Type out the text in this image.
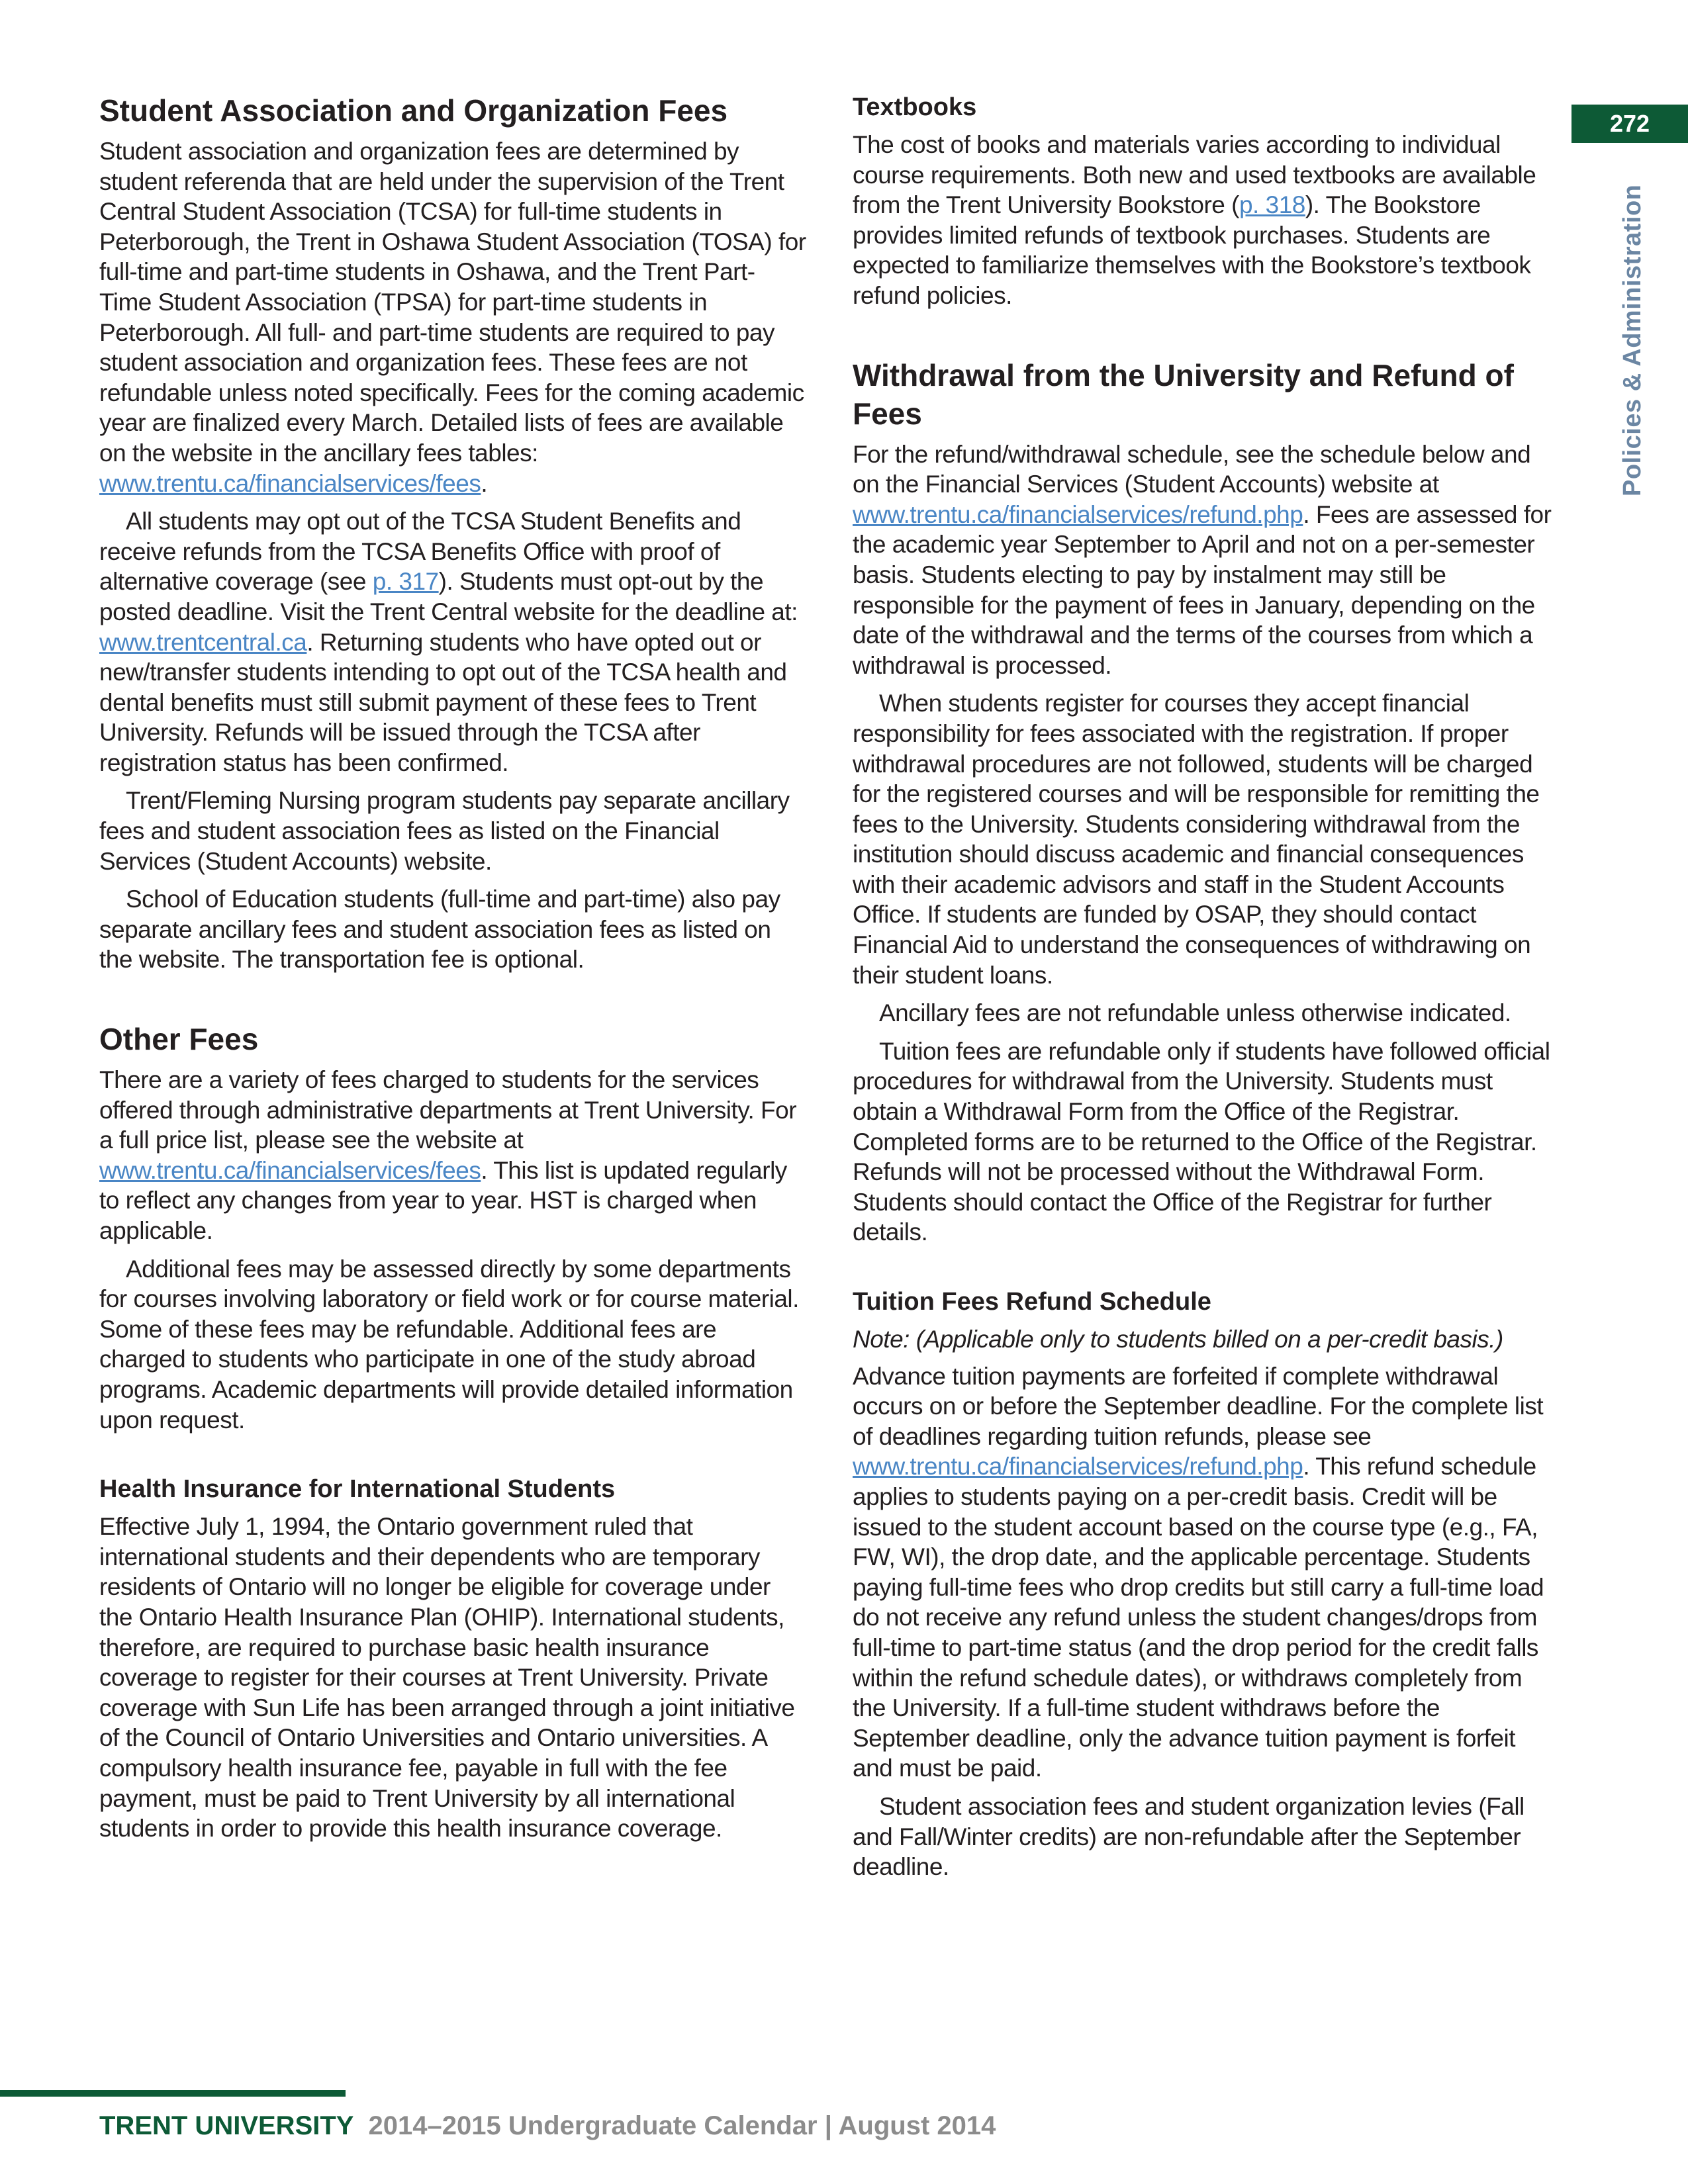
272
Policies & Administration
Student Association and Organization Fees

Student association and organization fees are determined by student referenda that are held under the supervision of the Trent Central Student Association (TCSA) for full-time students in Peterborough, the Trent in Oshawa Student Association (TOSA) for full-time and part-time students in Oshawa, and the Trent Part-Time Student Association (TPSA) for part-time students in Peterborough. All full- and part-time students are required to pay student association and organization fees. These fees are not refundable unless noted specifically. Fees for the coming academic year are finalized every March. Detailed lists of fees are available on the website in the ancillary fees tables: www.trentu.ca/financialservices/fees.

All students may opt out of the TCSA Student Benefits and receive refunds from the TCSA Benefits Office with proof of alternative coverage (see p. 317). Students must opt-out by the posted deadline. Visit the Trent Central website for the deadline at: www.trentcentral.ca. Returning students who have opted out or new/transfer students intending to opt out of the TCSA health and dental benefits must still submit payment of these fees to Trent University. Refunds will be issued through the TCSA after registration status has been confirmed.

Trent/Fleming Nursing program students pay separate ancillary fees and student association fees as listed on the Financial Services (Student Accounts) website.

School of Education students (full-time and part-time) also pay separate ancillary fees and student association fees as listed on the website. The transportation fee is optional.

Other Fees

There are a variety of fees charged to students for the services offered through administrative departments at Trent University. For a full price list, please see the website at www.trentu.ca/financialservices/fees. This list is updated regularly to reflect any changes from year to year. HST is charged when applicable.

Additional fees may be assessed directly by some departments for courses involving laboratory or field work or for course material. Some of these fees may be refundable. Additional fees are charged to students who participate in one of the study abroad programs. Academic departments will provide detailed information upon request.

Health Insurance for International Students

Effective July 1, 1994, the Ontario government ruled that international students and their dependents who are temporary residents of Ontario will no longer be eligible for coverage under the Ontario Health Insurance Plan (OHIP). International students, therefore, are required to purchase basic health insurance coverage to register for their courses at Trent University. Private coverage with Sun Life has been arranged through a joint initiative of the Council of Ontario Universities and Ontario universities. A compulsory health insurance fee, payable in full with the fee payment, must be paid to Trent University by all international students in order to provide this health insurance coverage.

Textbooks

The cost of books and materials varies according to individual course requirements. Both new and used textbooks are available from the Trent University Bookstore (p. 318). The Bookstore provides limited refunds of textbook purchases. Students are expected to familiarize themselves with the Bookstore’s textbook refund policies.

Withdrawal from the University and Refund of Fees

For the refund/withdrawal schedule, see the schedule below and on the Financial Services (Student Accounts) website at www.trentu.ca/financialservices/refund.php. Fees are assessed for the academic year September to April and not on a per-semester basis. Students electing to pay by instalment may still be responsible for the payment of fees in January, depending on the date of the withdrawal and the terms of the courses from which a withdrawal is processed.

When students register for courses they accept financial responsibility for fees associated with the registration. If proper withdrawal procedures are not followed, students will be charged for the registered courses and will be responsible for remitting the fees to the University. Students considering withdrawal from the institution should discuss academic and financial consequences with their academic advisors and staff in the Student Accounts Office. If students are funded by OSAP, they should contact Financial Aid to understand the consequences of withdrawing on their student loans.

Ancillary fees are not refundable unless otherwise indicated.

Tuition fees are refundable only if students have followed official procedures for withdrawal from the University. Students must obtain a Withdrawal Form from the Office of the Registrar. Completed forms are to be returned to the Office of the Registrar. Refunds will not be processed without the Withdrawal Form. Students should contact the Office of the Registrar for further details.

Tuition Fees Refund Schedule

Note: (Applicable only to students billed on a per-credit basis.)

Advance tuition payments are forfeited if complete withdrawal occurs on or before the September deadline. For the complete list of deadlines regarding tuition refunds, please see www.trentu.ca/financialservices/refund.php. This refund schedule applies to students paying on a per-credit basis. Credit will be issued to the student account based on the course type (e.g., FA, FW, WI), the drop date, and the applicable percentage. Students paying full-time fees who drop credits but still carry a full-time load do not receive any refund unless the student changes/drops from full-time to part-time status (and the drop period for the credit falls within the refund schedule dates), or withdraws completely from the University. If a full-time student withdraws before the September deadline, only the advance tuition payment is forfeit and must be paid.

Student association fees and student organization levies (Fall and Fall/Winter credits) are non-refundable after the September deadline.

TRENT UNIVERSITY 2014–2015 Undergraduate Calendar | August 2014
